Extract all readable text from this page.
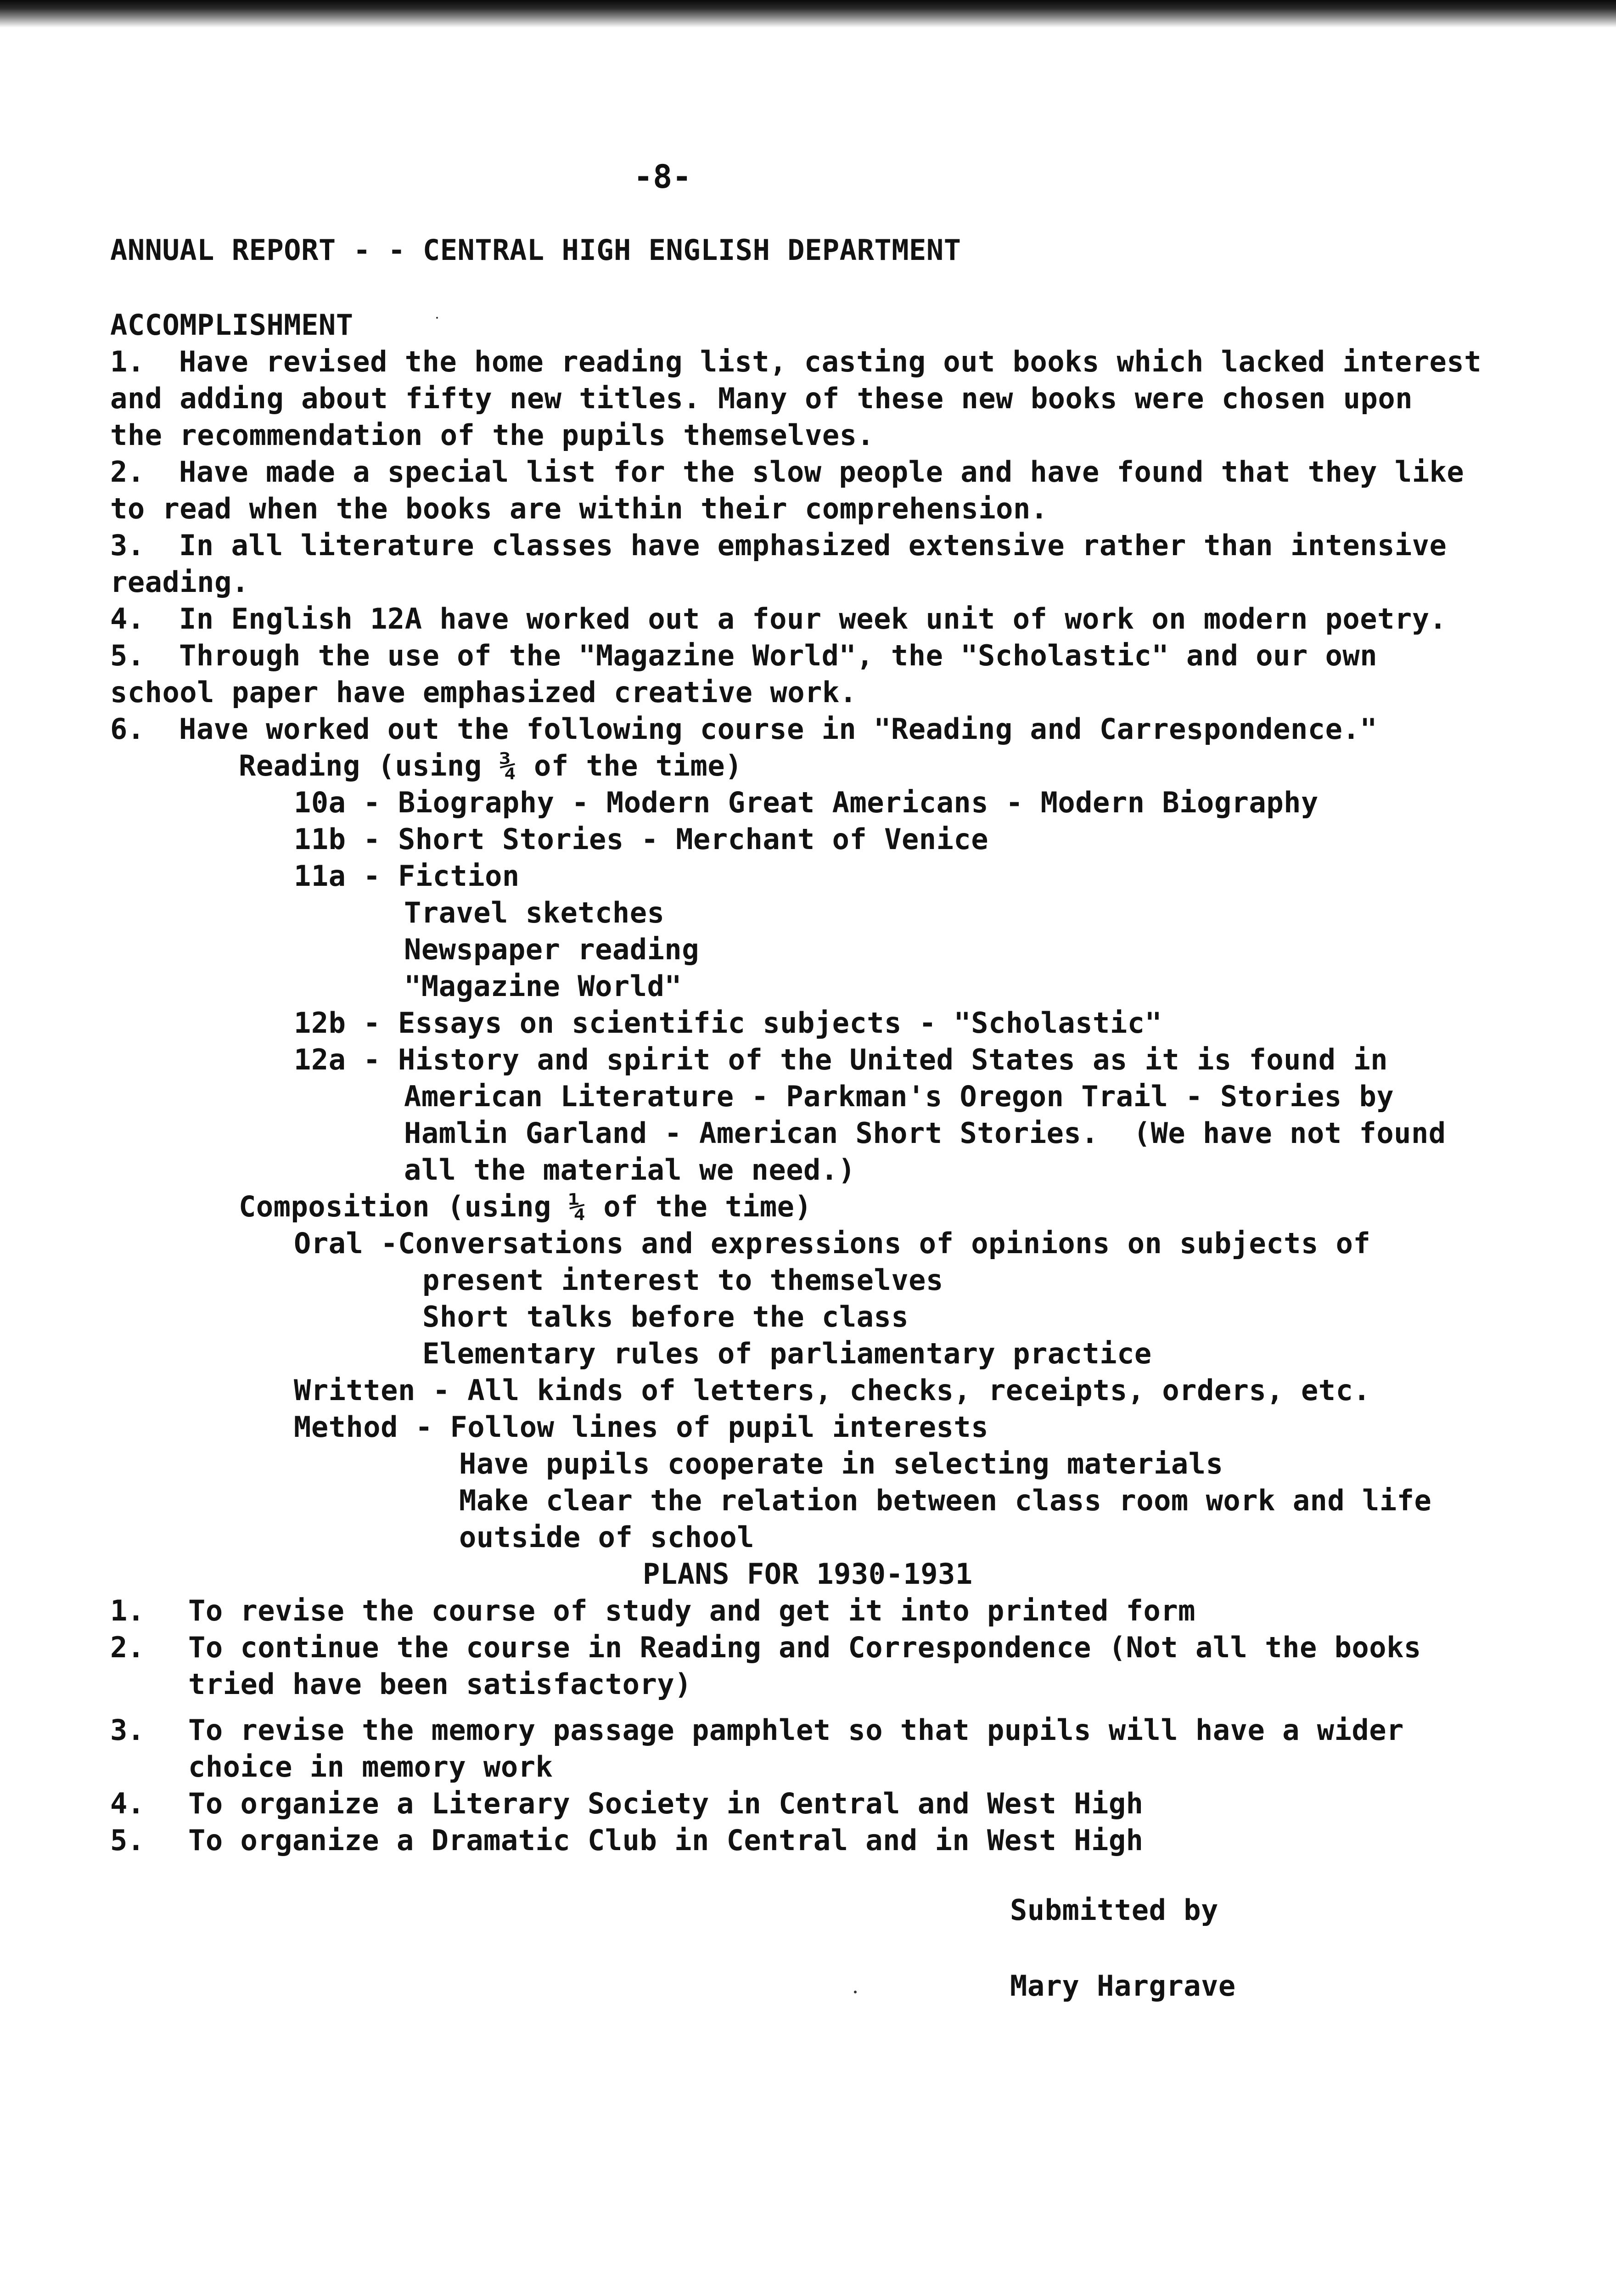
-8-
ANNUAL REPORT - - CENTRAL HIGH ENGLISH DEPARTMENT
ACCOMPLISHMENT
1. Have revised the home reading list, casting out books which lacked interest
and adding about fifty new titles. Many of these new books were chosen upon
the recommendation of the pupils themselves.
2. Have made a special list for the slow people and have found that they like
to read when the books are within their comprehension.
3. In all literature classes have emphasized extensive rather than intensive
reading.
4. In English 12A have worked out a four week unit of work on modern poetry.
5. Through the use of the "Magazine World", the "Scholastic" and our own
school paper have emphasized creative work.
6. Have worked out the following course in "Reading and Carrespondence."
Reading (using ¾ of the time)
10a - Biography - Modern Great Americans - Modern Biography
11b - Short Stories - Merchant of Venice
11a - Fiction
Travel sketches
Newspaper reading
"Magazine World"
12b - Essays on scientific subjects - "Scholastic"
12a - History and spirit of the United States as it is found in
American Literature - Parkman's Oregon Trail - Stories by
Hamlin Garland - American Short Stories.  (We have not found
all the material we need.)
Composition (using ¼ of the time)
Oral -Conversations and expressions of opinions on subjects of
present interest to themselves
Short talks before the class
Elementary rules of parliamentary practice
Written - All kinds of letters, checks, receipts, orders, etc.
Method - Follow lines of pupil interests
Have pupils cooperate in selecting materials
Make clear the relation between class room work and life
outside of school
PLANS FOR 1930-1931
1. To revise the course of study and get it into printed form
2. To continue the course in Reading and Correspondence (Not all the books
tried have been satisfactory)
3. To revise the memory passage pamphlet so that pupils will have a wider
choice in memory work
4. To organize a Literary Society in Central and West High
5. To organize a Dramatic Club in Central and in West High
Submitted by
Mary Hargrave
